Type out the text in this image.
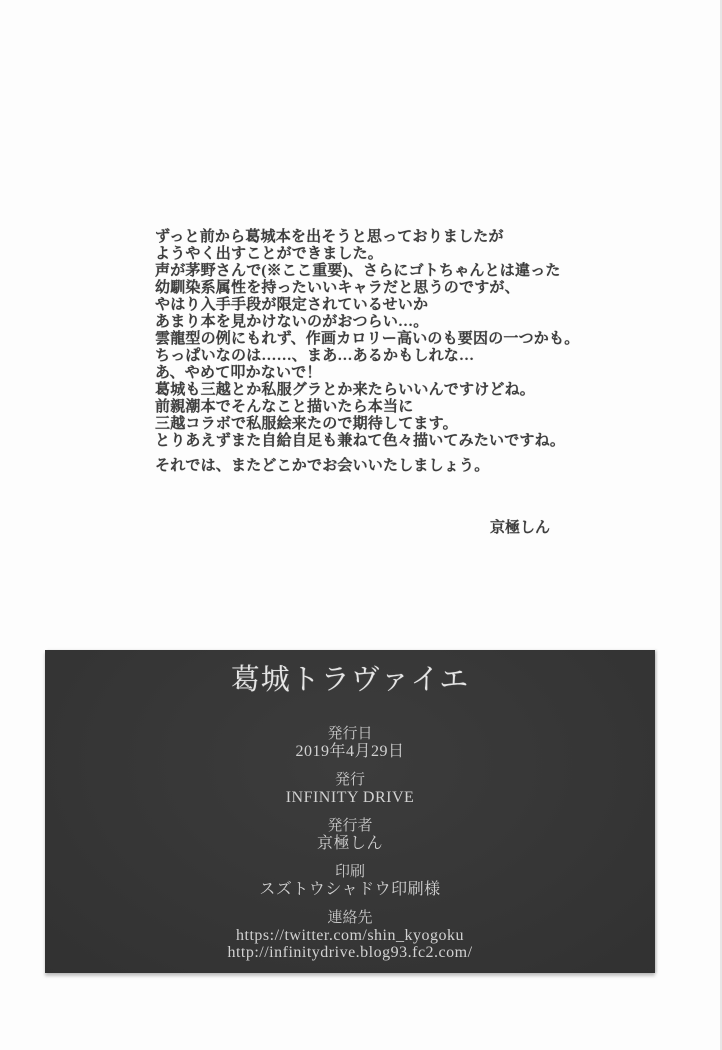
ずっと前から葛城本を出そうと思っておりましたが
ようやく出すことができました。
声が茅野さんで(※ここ重要)、さらにゴトちゃんとは違った
幼馴染系属性を持ったいいキャラだと思うのですが、
やはり入手手段が限定されているせいか
あまり本を見かけないのがおつらい…。
雲龍型の例にもれず、作画カロリー高いのも要因の一つかも。
ちっぱいなのは……、まあ…あるかもしれな…
あ、やめて叩かないで！
葛城も三越とか私服グラとか来たらいいんですけどね。
前親潮本でそんなこと描いたら本当に
三越コラボで私服絵来たので期待してます。
とりあえずまた自給自足も兼ねて色々描いてみたいですね。
それでは、またどこかでお会いいたしましょう。
京極しん
葛城トラヴァイエ
発行日
2019年4月29日
発行
INFINITY DRIVE
発行者
京極しん
印刷
スズトウシャドウ印刷様
連絡先
https://twitter.com/shin_kyogoku
http://infinitydrive.blog93.fc2.com/
